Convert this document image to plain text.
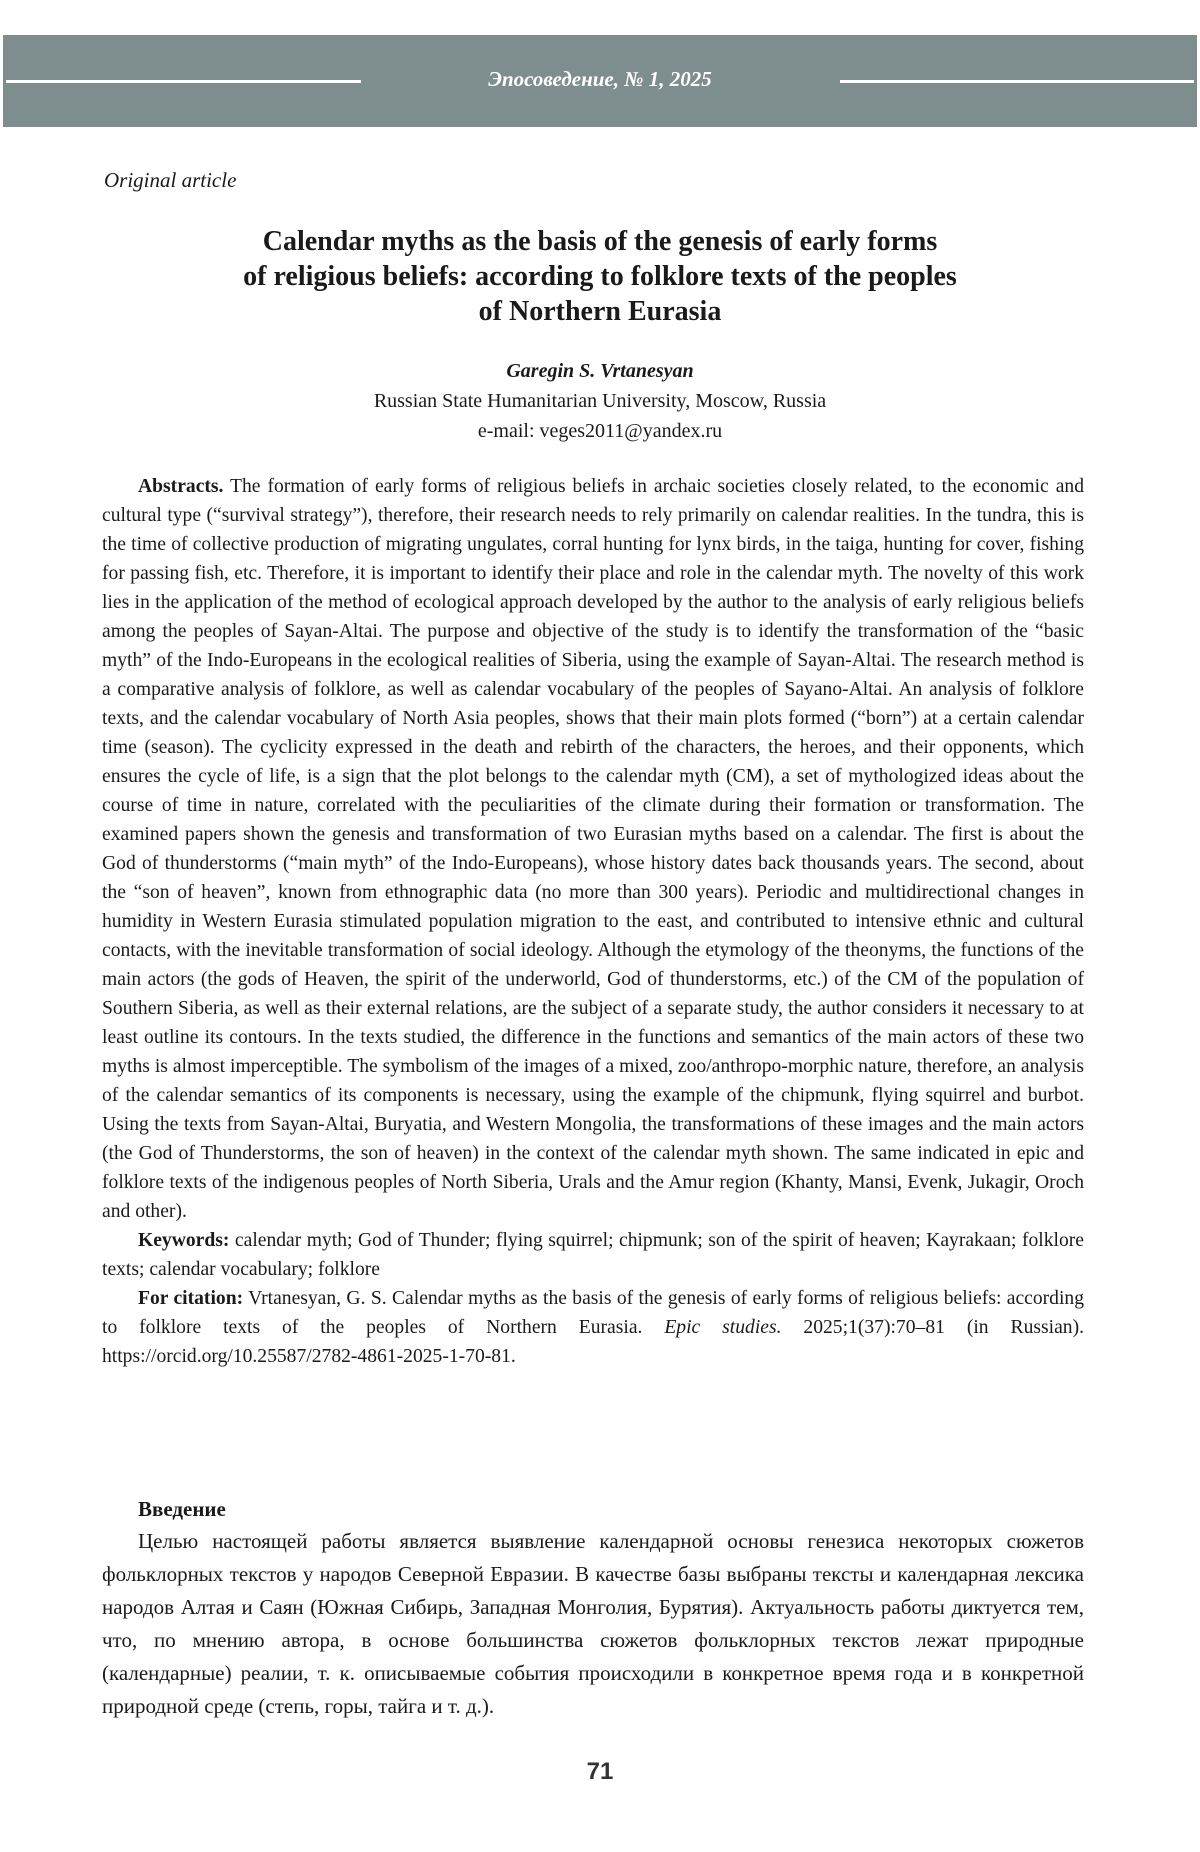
Эпосоведение, № 1, 2025
Original article
Calendar myths as the basis of the genesis of early forms
of religious beliefs: according to folklore texts of the peoples
of Northern Eurasia
Garegin S. Vrtanesyan
Russian State Humanitarian University, Moscow, Russia
e-mail: veges2011@yandex.ru

Abstracts. The formation of early forms of religious beliefs in archaic societies closely related, to the economic and cultural type (“survival strategy”), therefore, their research needs to rely primarily on calendar realities. In the tundra, this is the time of collective production of migrating ungulates, corral hunting for lynx birds, in the taiga, hunting for cover, fishing for passing fish, etc. Therefore, it is important to identify their place and role in the calendar myth. The novelty of this work lies in the application of the method of ecological approach developed by the author to the analysis of early religious beliefs among the peoples of Sayan-Altai. The purpose and objective of the study is to identify the transformation of the “basic myth” of the Indo-Europeans in the ecological realities of Siberia, using the example of Sayan-Altai. The research method is a comparative analysis of folklore, as well as calendar vocabulary of the peoples of Sayano-Altai. An analysis of folklore texts, and the calendar vocabulary of North Asia peoples, shows that their main plots formed (“born”) at a certain calendar time (season). The cyclicity expressed in the death and rebirth of the characters, the heroes, and their opponents, which ensures the cycle of life, is a sign that the plot belongs to the calendar myth (CM), a set of mythologized ideas about the course of time in nature, correlated with the peculiarities of the climate during their formation or transformation. The examined papers shown the genesis and transformation of two Eurasian myths based on a calendar. The first is about the God of thunderstorms (“main myth” of the Indo-Europeans), whose history dates back thousands years. The second, about the “son of heaven”, known from ethnographic data (no more than 300 years). Periodic and multidirectional changes in humidity in Western Eurasia stimulated population migration to the east, and contributed to intensive ethnic and cultural contacts, with the inevitable transformation of social ideology. Although the etymology of the theonyms, the functions of the main actors (the gods of Heaven, the spirit of the underworld, God of thunderstorms, etc.) of the CM of the population of Southern Siberia, as well as their external relations, are the subject of a separate study, the author considers it necessary to at least outline its contours. In the texts studied, the difference in the functions and semantics of the main actors of these two myths is almost imperceptible. The symbolism of the images of a mixed, zoo/anthropo-morphic nature, therefore, an analysis of the calendar semantics of its components is necessary, using the example of the chipmunk, flying squirrel and burbot. Using the texts from Sayan-Altai, Buryatia, and Western Mongolia, the transformations of these images and the main actors (the God of Thunderstorms, the son of heaven) in the context of the calendar myth shown. The same indicated in epic and folklore texts of the indigenous peoples of North Siberia, Urals and the Amur region (Khanty, Mansi, Evenk, Jukagir, Oroch and other).

Keywords: calendar myth; God of Thunder; flying squirrel; chipmunk; son of the spirit of heaven; Kayrakaan; folklore texts; calendar vocabulary; folklore

For citation: Vrtanesyan, G. S. Calendar myths as the basis of the genesis of early forms of religious beliefs: according to folklore texts of the peoples of Northern Eurasia. Epic studies. 2025;1(37):70–81 (in Russian). https://orcid.org/10.25587/2782-4861-2025-1-70-81.

Введение

Целью настоящей работы является выявление календарной основы генезиса некоторых сюжетов фольклорных текстов у народов Северной Евразии. В качестве базы выбраны тексты и календарная лексика народов Алтая и Саян (Южная Сибирь, Западная Монголия, Бурятия). Актуальность работы диктуется тем, что, по мнению автора, в основе большинства сюжетов фольклорных текстов лежат природные (календарные) реалии, т. к. описываемые события происходили в конкретное время года и в конкретной природной среде (степь, горы, тайга и т. д.).

71
